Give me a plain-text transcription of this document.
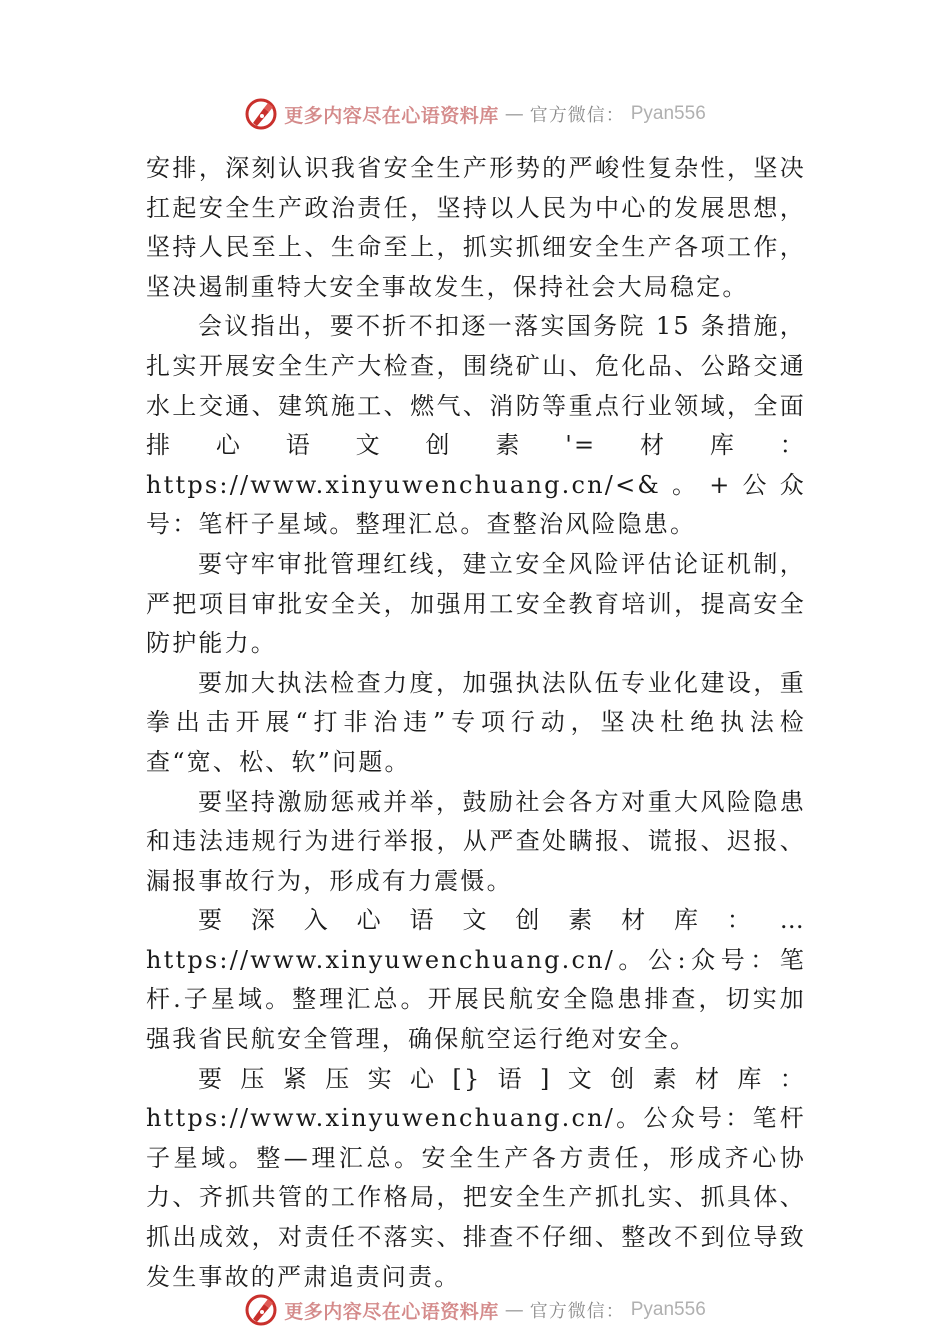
更多内容尽在心语资料库 — 官方微信： Pyan556

安排，深刻认识我省安全生产形势的严峻性复杂性，坚决扛起安全生产政治责任，坚持以人民为中心的发展思想，坚持人民至上、生命至上，抓实抓细安全生产各项工作，坚决遏制重特大安全事故发生，保持社会大局稳定。

会议指出，要不折不扣逐一落实国务院 15 条措施，扎实开展安全生产大检查，围绕矿山、危化品、公路交通水上交通、建筑施工、燃气、消防等重点行业领域，全面排心语文创素'=材库：https://www.xinyuwenchuang.cn/<&。+公众号：笔杆子星域。整理汇总。查整治风险隐患。

要守牢审批管理红线，建立安全风险评估论证机制，严把项目审批安全关，加强用工安全教育培训，提高安全防护能力。

要加大执法检查力度，加强执法队伍专业化建设，重拳出击开展“打非治违”专项行动，坚决杜绝执法检查“宽、松、软”问题。

要坚持激励惩戒并举，鼓励社会各方对重大风险隐患和违法违规行为进行举报，从严查处瞒报、谎报、迟报、漏报事故行为，形成有力震慑。

要深入心语文创素材库：…https://www.xinyuwenchuang.cn/。公:众号：笔杆.子星域。整理汇总。开展民航安全隐患排查，切实加强我省民航安全管理，确保航空运行绝对安全。

要压紧压实心[}语]文创素材库：https://www.xinyuwenchuang.cn/。公众号：笔杆子星域。整—理汇总。安全生产各方责任，形成齐心协力、齐抓共管的工作格局，把安全生产抓扎实、抓具体、抓出成效，对责任不落实、排查不仔细、整改不到位导致发生事故的严肃追责问责。

更多内容尽在心语资料库 — 官方微信： Pyan556
